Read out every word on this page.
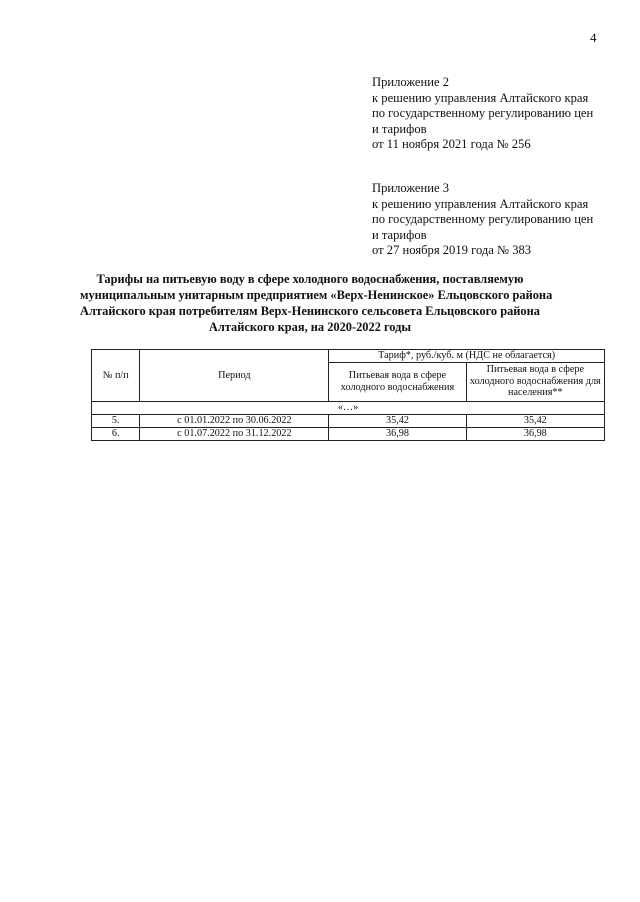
4
Приложение 2
к решению управления Алтайского края
по государственному регулированию цен
и тарифов
от 11 ноября 2021 года № 256
Приложение 3
к решению управления Алтайского края
по государственному регулированию цен
и тарифов
от 27 ноября 2019 года № 383
Тарифы на питьевую воду в сфере холодного водоснабжения, поставляемую
муниципальным унитарным предприятием «Верх-Ненинское» Ельцовского района
Алтайского края потребителям Верх-Ненинского сельсовета Ельцовского района
Алтайского края, на 2020-2022 годы
№ п/п	Период	Тариф*, руб./куб. м (НДС не облагается)	
		Питьевая вода в сфере холодного водоснабжения	Питьевая вода в сфере холодного водоснабжения для населения**
«…»			
5.	с 01.01.2022 по 30.06.2022	35,42	35,42
6.	с 01.07.2022 по 31.12.2022	36,98	36,98
